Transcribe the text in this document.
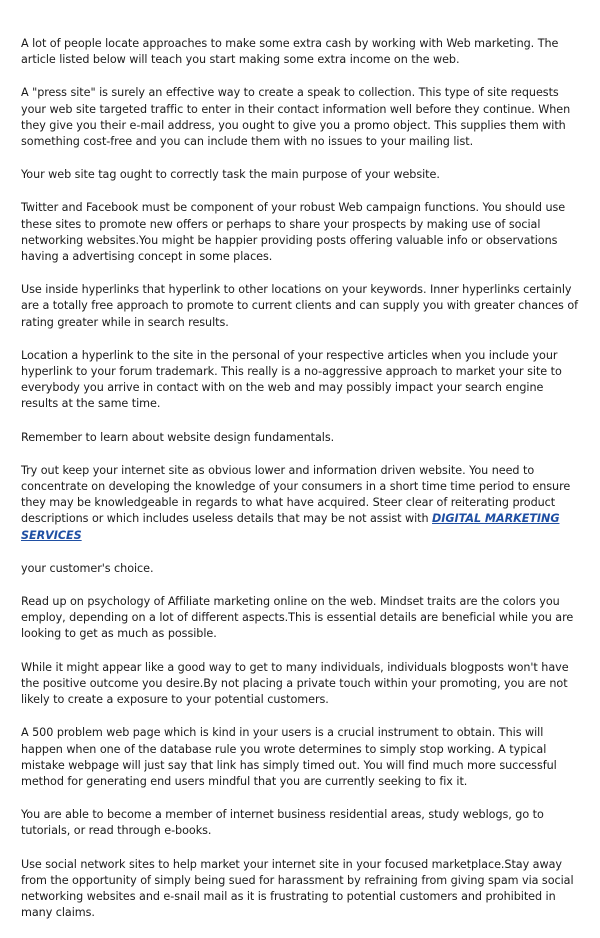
A lot of people locate approaches to make some extra cash by working with Web marketing. The article listed below will teach you start making some extra income on the web.

A "press site" is surely an effective way to create a speak to collection. This type of site requests your web site targeted traffic to enter in their contact information well before they continue. When they give you their e-mail address, you ought to give you a promo object. This supplies them with something cost-free and you can include them with no issues to your mailing list.

Your web site tag ought to correctly task the main purpose of your website.

Twitter and Facebook must be component of your robust Web campaign functions. You should use these sites to promote new offers or perhaps to share your prospects by making use of social networking websites.You might be happier providing posts offering valuable info or observations having a advertising concept in some places.

Use inside hyperlinks that hyperlink to other locations on your keywords. Inner hyperlinks certainly are a totally free approach to promote to current clients and can supply you with greater chances of rating greater while in search results.

Location a hyperlink to the site in the personal of your respective articles when you include your hyperlink to your forum trademark. This really is a no-aggressive approach to market your site to everybody you arrive in contact with on the web and may possibly impact your search engine results at the same time.

Remember to learn about website design fundamentals.

Try out keep your internet site as obvious lower and information driven website. You need to concentrate on developing the knowledge of your consumers in a short time time period to ensure they may be knowledgeable in regards to what have acquired. Steer clear of reiterating product descriptions or which includes useless details that may be not assist with DIGITAL MARKETING SERVICES

your customer's choice.

Read up on psychology of Affiliate marketing online on the web. Mindset traits are the colors you employ, depending on a lot of different aspects.This is essential details are beneficial while you are looking to get as much as possible.

While it might appear like a good way to get to many individuals, individuals blogposts won't have the positive outcome you desire.By not placing a private touch within your promoting, you are not likely to create a exposure to your potential customers.

A 500 problem web page which is kind in your users is a crucial instrument to obtain. This will happen when one of the database rule you wrote determines to simply stop working. A typical mistake webpage will just say that link has simply timed out. You will find much more successful method for generating end users mindful that you are currently seeking to fix it.

You are able to become a member of internet business residential areas, study weblogs, go to tutorials, or read through e-books.

Use social network sites to help market your internet site in your focused marketplace.Stay away from the opportunity of simply being sued for harassment by refraining from giving spam via social networking websites and e-snail mail as it is frustrating to potential customers and prohibited in many claims.
